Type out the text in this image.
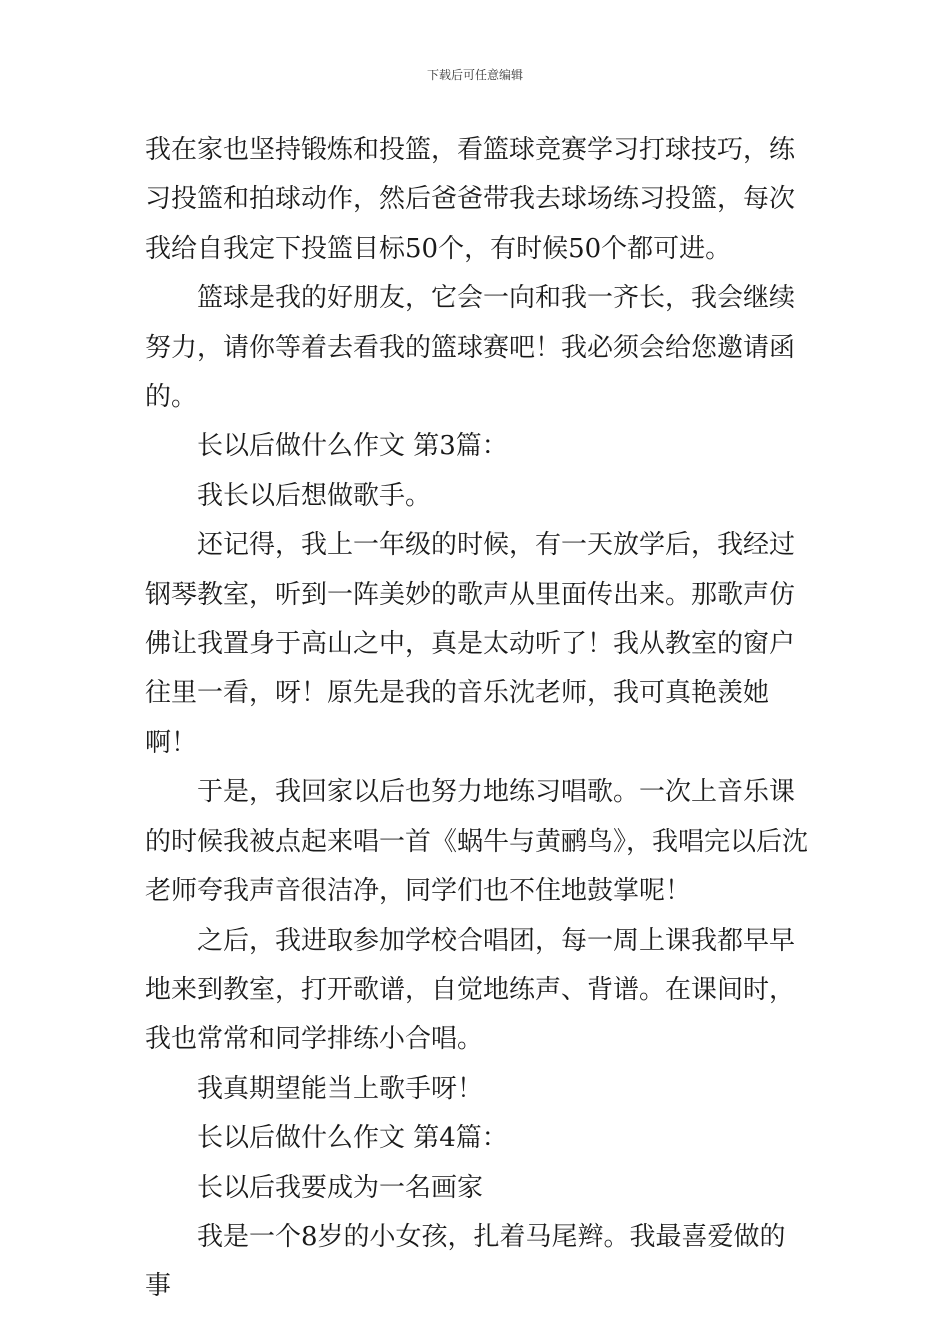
下载后可任意编辑

我在家也坚持锻炼和投篮，看篮球竞赛学习打球技巧，练习投篮和拍球动作，然后爸爸带我去球场练习投篮，每次我给自我定下投篮目标50个，有时候50个都可进。

篮球是我的好朋友，它会一向和我一齐长，我会继续努力，请你等着去看我的篮球赛吧！我必须会给您邀请函的。

长以后做什么作文 第3篇：

我长以后想做歌手。

还记得，我上一年级的时候，有一天放学后，我经过钢琴教室，听到一阵美妙的歌声从里面传出来。那歌声仿佛让我置身于高山之中，真是太动听了！我从教室的窗户往里一看，呀！原先是我的音乐沈老师，我可真艳羡她啊！

于是，我回家以后也努力地练习唱歌。一次上音乐课的时候我被点起来唱一首《蜗牛与黄鹂鸟》，我唱完以后沈老师夸我声音很洁净，同学们也不住地鼓掌呢！

之后，我进取参加学校合唱团，每一周上课我都早早地来到教室，打开歌谱，自觉地练声、背谱。在课间时，我也常常和同学排练小合唱。

我真期望能当上歌手呀！

长以后做什么作文 第4篇：

长以后我要成为一名画家

我是一个8岁的小女孩，扎着马尾辫。我最喜爱做的事
